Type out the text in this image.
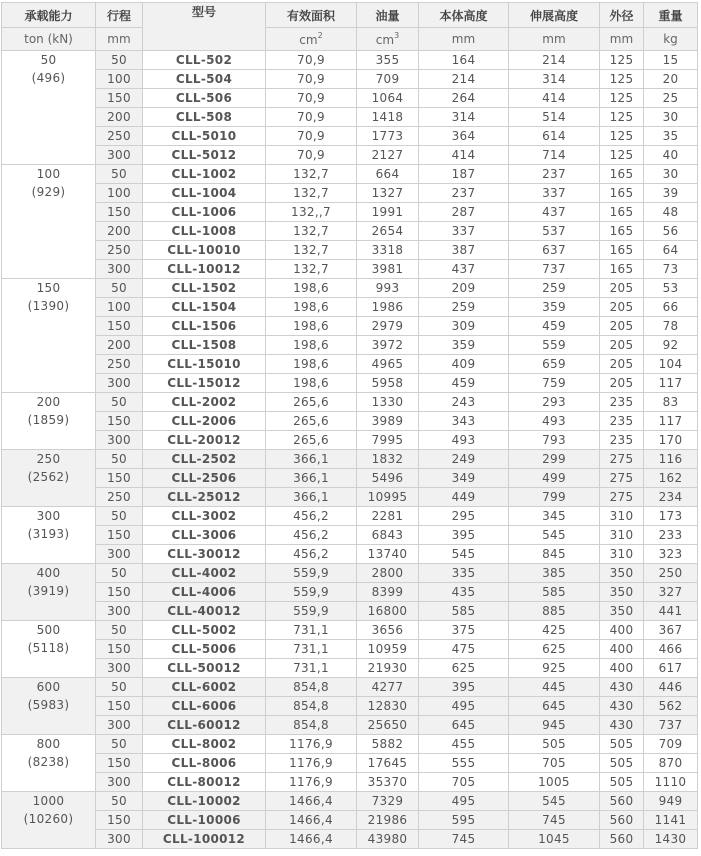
承载能力	行程	型号	有效面积	油量	本体高度	伸展高度	外径	重量
ton (kN)	mm		$cm^2$	$cm^3$	mm	mm	mm	kg

50
(496)	50	CLL-502	70,9	355	164	214	125	15
	100	CLL-504	70,9	709	214	314	125	20
	150	CLL-506	70,9	1064	264	414	125	25
	200	CLL-508	70,9	1418	314	514	125	30
	250	CLL-5010	70,9	1773	364	614	125	35
	300	CLL-5012	70,9	2127	414	714	125	40

100
(929)	50	CLL-1002	132,7	664	187	237	165	30
	100	CLL-1004	132,7	1327	237	337	165	39
	150	CLL-1006	132,,7	1991	287	437	165	48
	200	CLL-1008	132,7	2654	337	537	165	56
	250	CLL-10010	132,7	3318	387	637	165	64
	300	CLL-10012	132,7	3981	437	737	165	73

150
(1390)	50	CLL-1502	198,6	993	209	259	205	53
	100	CLL-1504	198,6	1986	259	359	205	66
	150	CLL-1506	198,6	2979	309	459	205	78
	200	CLL-1508	198,6	3972	359	559	205	92
	250	CLL-15010	198,6	4965	409	659	205	104
	300	CLL-15012	198,6	5958	459	759	205	117

200
(1859)	50	CLL-2002	265,6	1330	243	293	235	83
	150	CLL-2006	265,6	3989	343	493	235	117
	300	CLL-20012	265,6	7995	493	793	235	170

250
(2562)	50	CLL-2502	366,1	1832	249	299	275	116
	150	CLL-2506	366,1	5496	349	499	275	162
	250	CLL-25012	366,1	10995	449	799	275	234

300
(3193)	50	CLL-3002	456,2	2281	295	345	310	173
	150	CLL-3006	456,2	6843	395	545	310	233
	300	CLL-30012	456,2	13740	545	845	310	323

400
(3919)	50	CLL-4002	559,9	2800	335	385	350	250
	150	CLL-4006	559,9	8399	435	585	350	327
	300	CLL-40012	559,9	16800	585	885	350	441

500
(5118)	50	CLL-5002	731,1	3656	375	425	400	367
	150	CLL-5006	731,1	10959	475	625	400	466
	300	CLL-50012	731,1	21930	625	925	400	617

600
(5983)	50	CLL-6002	854,8	4277	395	445	430	446
	150	CLL-6006	854,8	12830	495	645	430	562
	300	CLL-60012	854,8	25650	645	945	430	737

800
(8238)	50	CLL-8002	1176,9	5882	455	505	505	709
	150	CLL-8006	1176,9	17645	555	705	505	870
	300	CLL-80012	1176,9	35370	705	1005	505	1110

1000
(10260)	50	CLL-10002	1466,4	7329	495	545	560	949
	150	CLL-10006	1466,4	21986	595	745	560	1141
	300	CLL-100012	1466,4	43980	745	1045	560	1430
